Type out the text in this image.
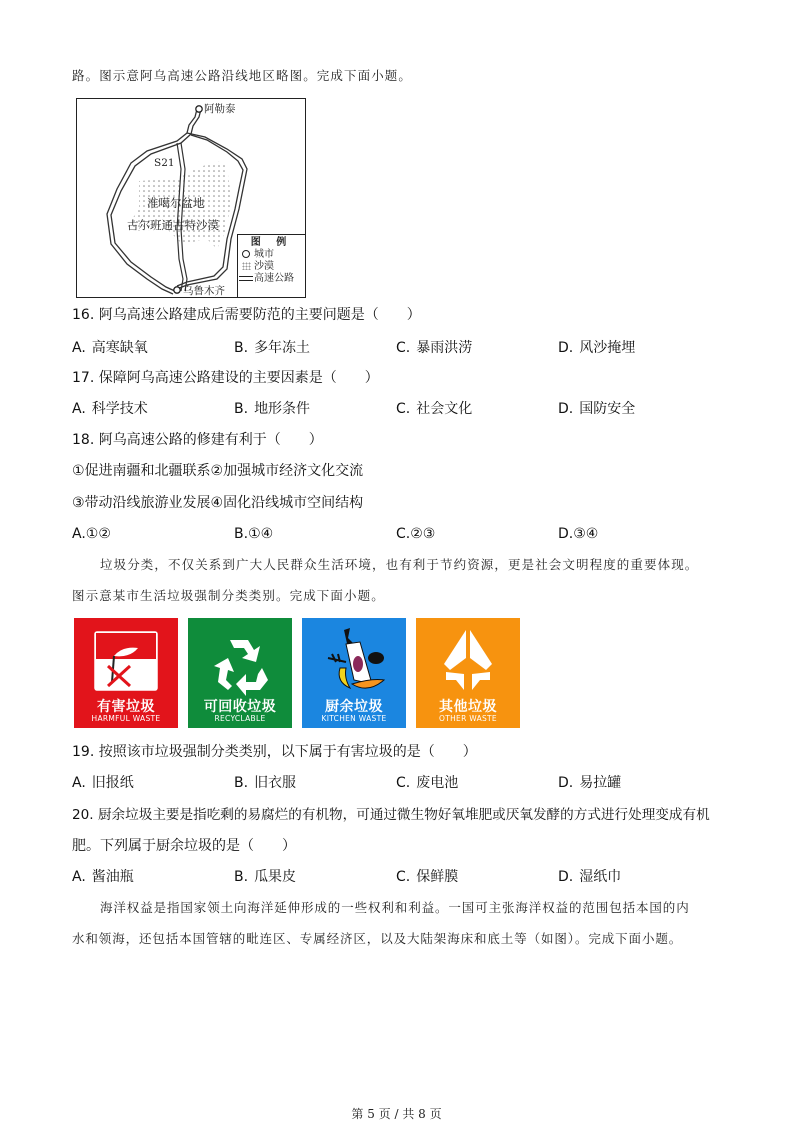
路。图示意阿乌高速公路沿线地区略图。完成下面小题。
阿勒泰
S21
准噶尔盆地
古尔班通古特沙漠
乌鲁木齐
图 例
城市
沙漠
高速公路
16. 阿乌高速公路建成后需要防范的主要问题是（　　）
A. 高寒缺氧	B. 多年冻土	C. 暴雨洪涝	D. 风沙掩埋
17. 保障阿乌高速公路建设的主要因素是（　　）
A. 科学技术	B. 地形条件	C. 社会文化	D. 国防安全
18. 阿乌高速公路的修建有利于（　　）
①促进南疆和北疆联系②加强城市经济文化交流
③带动沿线旅游业发展④固化沿线城市空间结构
A.①②	B.①④	C.②③	D.③④
垃圾分类，不仅关系到广大人民群众生活环境，也有利于节约资源，更是社会文明程度的重要体现。
图示意某市生活垃圾强制分类类别。完成下面小题。
有害垃圾
HARMFUL WASTE
可回收垃圾
RECYCLABLE
厨余垃圾
KITCHEN WASTE
其他垃圾
OTHER WASTE
19. 按照该市垃圾强制分类类别，以下属于有害垃圾的是（　　）
A. 旧报纸	B. 旧衣服	C. 废电池	D. 易拉罐
20. 厨余垃圾主要是指吃剩的易腐烂的有机物，可通过微生物好氧堆肥或厌氧发酵的方式进行处理变成有机
肥。下列属于厨余垃圾的是（　　）
A. 酱油瓶	B. 瓜果皮	C. 保鲜膜	D. 湿纸巾
海洋权益是指国家领土向海洋延伸形成的一些权利和利益。一国可主张海洋权益的范围包括本国的内
水和领海，还包括本国管辖的毗连区、专属经济区，以及大陆架海床和底土等（如图）。完成下面小题。
第 5 页 / 共 8 页
